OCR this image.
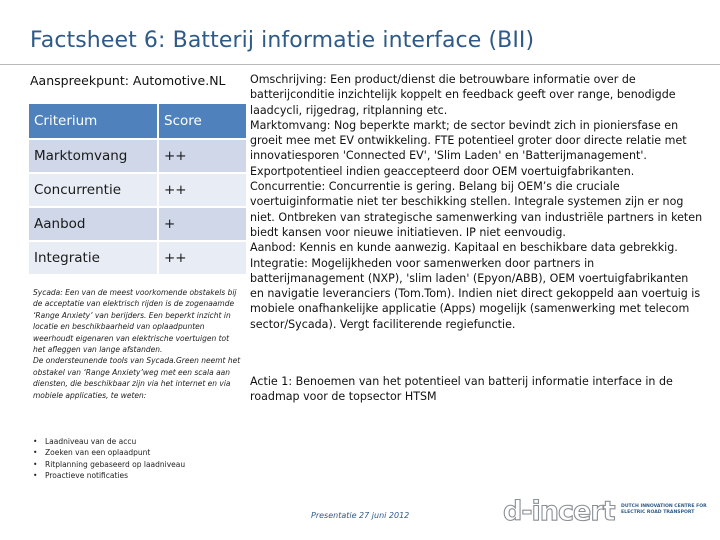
Factsheet 6: Batterij informatie interface (BII)
Aanspreekpunt: Automotive.NL
Criterium	Score
Marktomvang	++
Concurrentie	++
Aanbod	+
Integratie	++

Sycada: Een van de meest voorkomende obstakels bij de acceptatie van elektrisch rijden is de zogenaamde ‘Range Anxiety’ van berijders. Een beperkt inzicht in locatie en beschikbaarheid van oplaadpunten weerhoudt eigenaren van elektrische voertuigen tot het afleggen van lange afstanden.

De ondersteunende tools van Sycada.Green neemt het obstakel van ‘Range Anxiety’weg met een scala aan diensten, die beschikbaar zijn via het internet en via mobiele applicaties, te weten:

• Laadniveau van de accu
• Zoeken van een oplaadpunt
• Ritplanning gebaseerd op laadniveau
• Proactieve notificaties

Omschrijving: Een product/dienst die betrouwbare informatie over de batterijconditie inzichtelijk koppelt en feedback geeft over range, benodigde laadcycli, rijgedrag, ritplanning etc.

Marktomvang: Nog beperkte markt; de sector bevindt zich in pioniersfase en groeit mee met EV ontwikkeling. FTE potentieel groter door directe relatie met innovatiesporen 'Connected EV', 'Slim Laden' en 'Batterijmanagement'. Exportpotentieel indien geaccepteerd door OEM voertuigfabrikanten.

Concurrentie: Concurrentie is gering. Belang bij OEM’s die cruciale voertuiginformatie niet ter beschikking stellen. Integrale systemen zijn er nog niet. Ontbreken van strategische samenwerking van industriële partners in keten biedt kansen voor nieuwe initiatieven. IP niet eenvoudig.

Aanbod: Kennis en kunde aanwezig. Kapitaal en beschikbare data gebrekkig.

Integratie: Mogelijkheden voor samenwerken door partners in batterijmanagement (NXP), 'slim laden' (Epyon/ABB), OEM voertuigfabrikanten en navigatie leveranciers (Tom.Tom). Indien niet direct gekoppeld aan voertuig is mobiele onafhankelijke applicatie (Apps) mogelijk (samenwerking met telecom sector/Sycada). Vergt faciliterende regiefunctie.

Actie 1: Benoemen van het potentieel van batterij informatie interface in de roadmap voor de topsector HTSM
Presentatie 27 juni 2012	d-incert DUTCH INNOVATION CENTRE FOR ELECTRIC ROAD TRANSPORT
